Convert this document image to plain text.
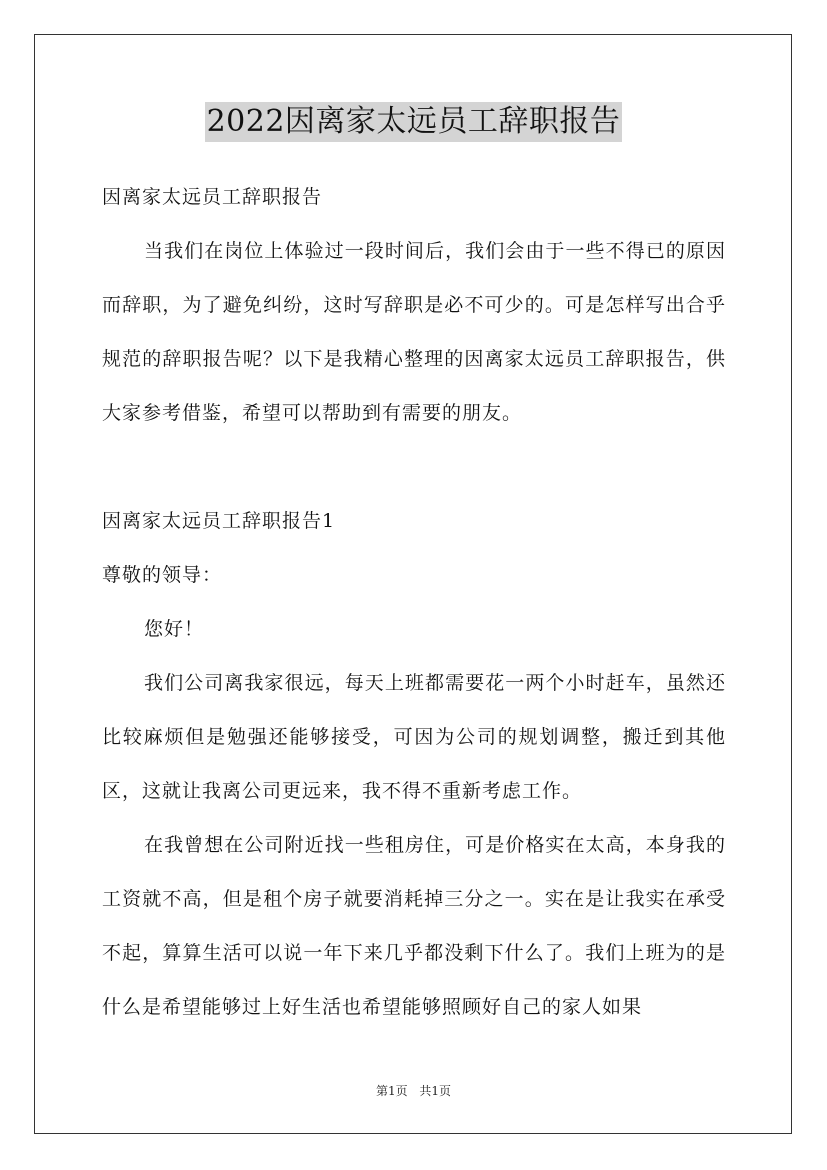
2022因离家太远员工辞职报告

因离家太远员工辞职报告

当我们在岗位上体验过一段时间后，我们会由于一些不得已的原因而辞职，为了避免纠纷，这时写辞职是必不可少的。可是怎样写出合乎规范的辞职报告呢？以下是我精心整理的因离家太远员工辞职报告，供大家参考借鉴，希望可以帮助到有需要的朋友。

因离家太远员工辞职报告1

尊敬的领导：

您好！

我们公司离我家很远，每天上班都需要花一两个小时赶车，虽然还比较麻烦但是勉强还能够接受，可因为公司的规划调整，搬迁到其他区，这就让我离公司更远来，我不得不重新考虑工作。

在我曾想在公司附近找一些租房住，可是价格实在太高，本身我的工资就不高，但是租个房子就要消耗掉三分之一。实在是让我实在承受不起，算算生活可以说一年下来几乎都没剩下什么了。我们上班为的是什么是希望能够过上好生活也希望能够照顾好自己的家人如果

第1页 共1页
